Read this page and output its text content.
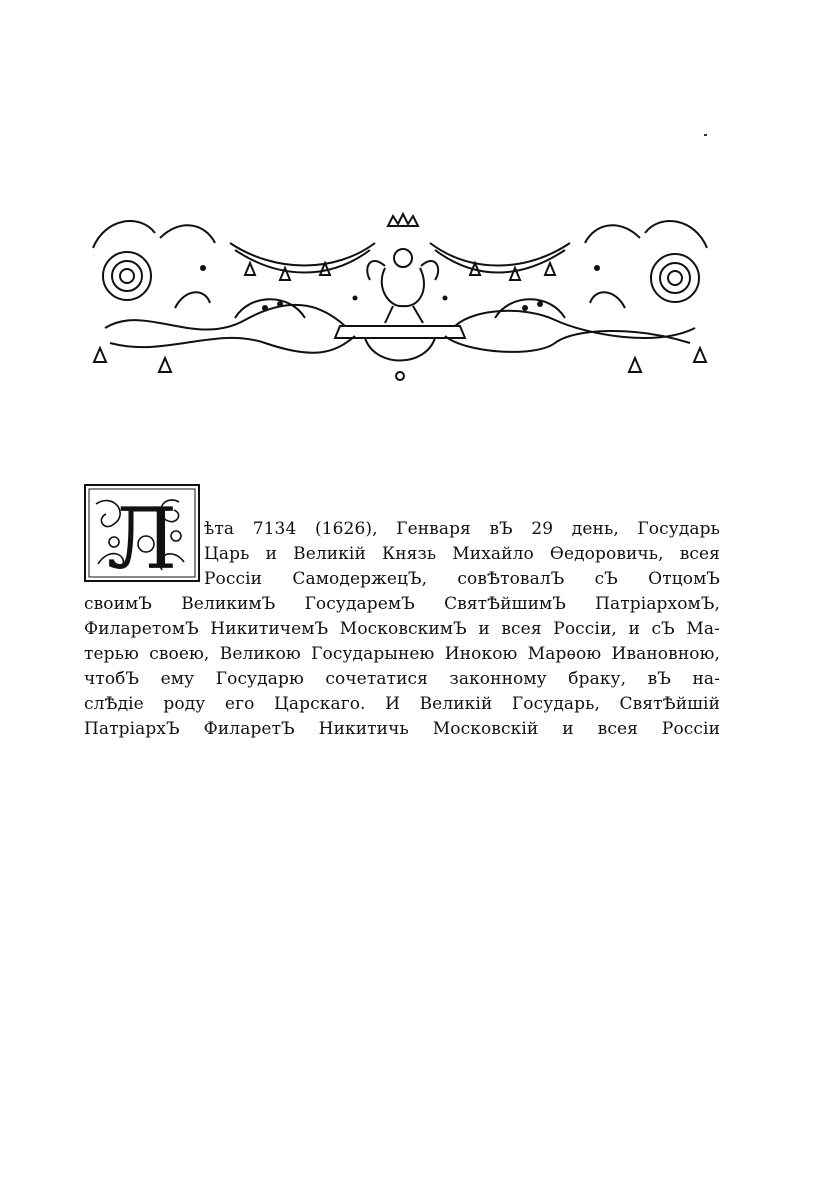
Л ѣта 7134 (1626), Генваря вЪ 29 день, Государь
Царь и Великій Князь Михайло Ѳедоровичь, всея
Россіи СамодержецЪ, совѢтовалЪ сЪ ОтцомЪ
своимЪ ВеликимЪ ГосударемЪ СвятѢйшимЪ ПатріархомЪ,
ФиларетомЪ НикитичемЪ МосковскимЪ и всея Россіи, и сЪ Ма-
терью своею, Великою Государынею Инокою Марѳою Ивановною,
чтобЪ ему Государю сочетатися законному браку, вЪ на-
слѢдіе роду его Царскаго. И Великій Государь, СвятѢйшій
ПатріархЪ ФиларетЪ Никитичь Московскій и всея Россіи
